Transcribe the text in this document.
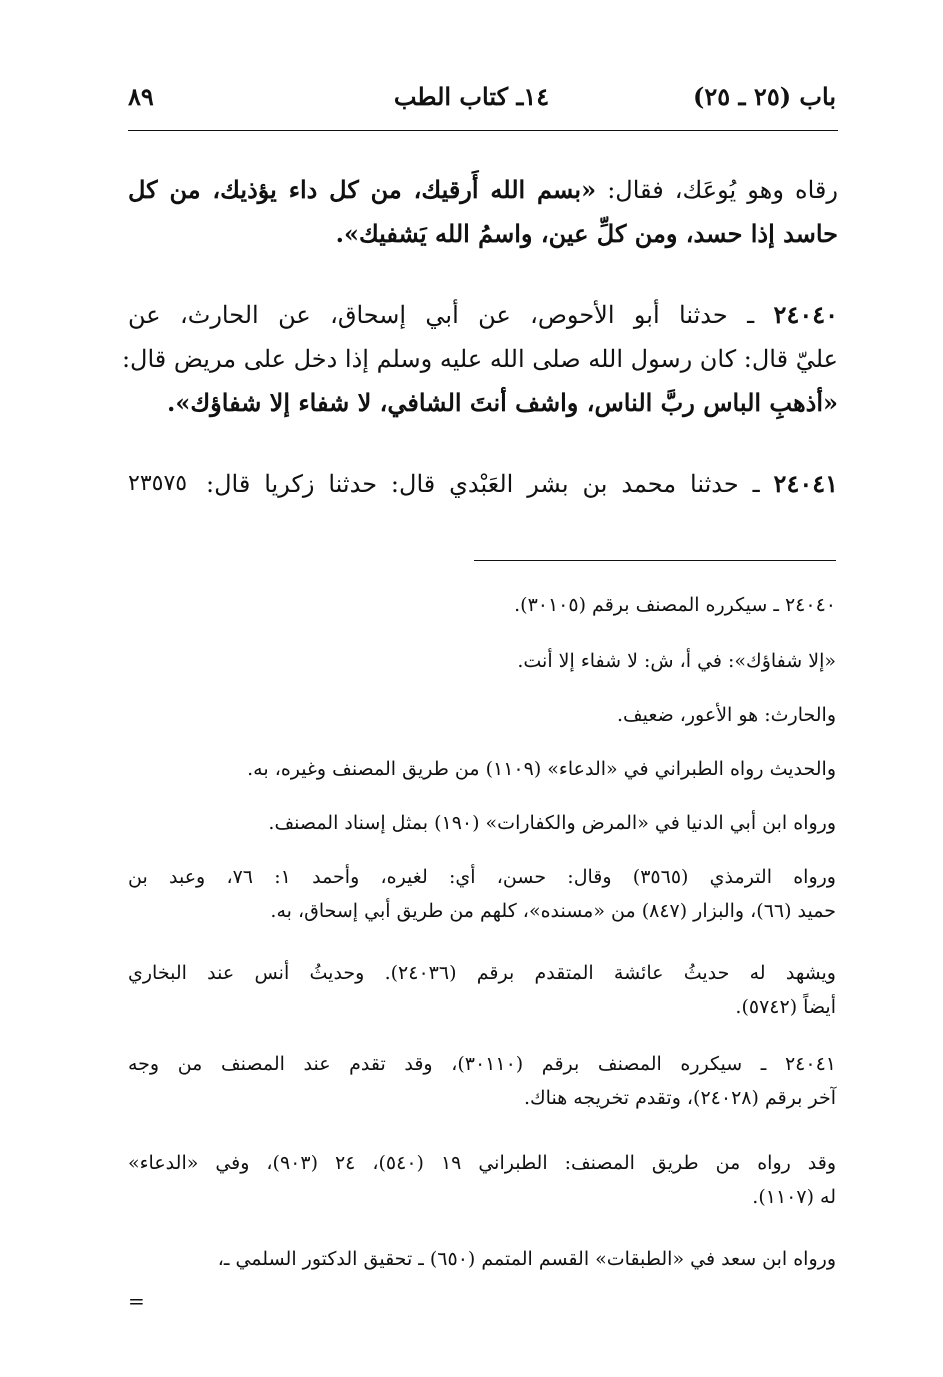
باب (٢٥ ـ ٢٥)
١٤ـ كتاب الطب
٨٩

رقاه وهو يُوعَك، فقال: «بسم الله أَرقيك، من كل داء يؤذيك، من كل

حاسد إذا حسد، ومن كلِّ عين، واسمُ الله يَشفيك».

٢٤٠٤٠ ـ حدثنا أبو الأحوص، عن أبي إسحاق، عن الحارث، عن

عليّ قال: كان رسول الله صلى الله عليه وسلم إذا دخل على مريض قال:

«أذهبِ الباس ربَّ الناس، واشف أنتَ الشافي، لا شفاء إلا شفاؤك».

٢٤٠٤١ ـ حدثنا محمد بن بشر العَبْدي قال: حدثنا زكريا قال:

٢٣٥٧٥

٢٤٠٤٠ ـ سيكرره المصنف برقم (٣٠١٠٥).

«إلا شفاؤك»: في أ، ش: لا شفاء إلا أنت.

والحارث: هو الأعور، ضعيف.

والحديث رواه الطبراني في «الدعاء» (١١٠٩) من طريق المصنف وغيره، به.

ورواه ابن أبي الدنيا في «المرض والكفارات» (١٩٠) بمثل إسناد المصنف.

ورواه الترمذي (٣٥٦٥) وقال: حسن، أي: لغيره، وأحمد ١: ٧٦، وعبد بن

حميد (٦٦)، والبزار (٨٤٧) من «مسنده»، كلهم من طريق أبي إسحاق، به.

ويشهد له حديثُ عائشة المتقدم برقم (٢٤٠٣٦). وحديثُ أنس عند البخاري

أيضاً (٥٧٤٢).

٢٤٠٤١ ـ سيكرره المصنف برقم (٣٠١١٠)، وقد تقدم عند المصنف من وجه

آخر برقم (٢٤٠٢٨)، وتقدم تخريجه هناك.

وقد رواه من طريق المصنف: الطبراني ١٩ (٥٤٠)، ٢٤ (٩٠٣)، وفي «الدعاء»

له (١١٠٧).

ورواه ابن سعد في «الطبقات» القسم المتمم (٦٥٠) ـ تحقيق الدكتور السلمي ـ،

=
